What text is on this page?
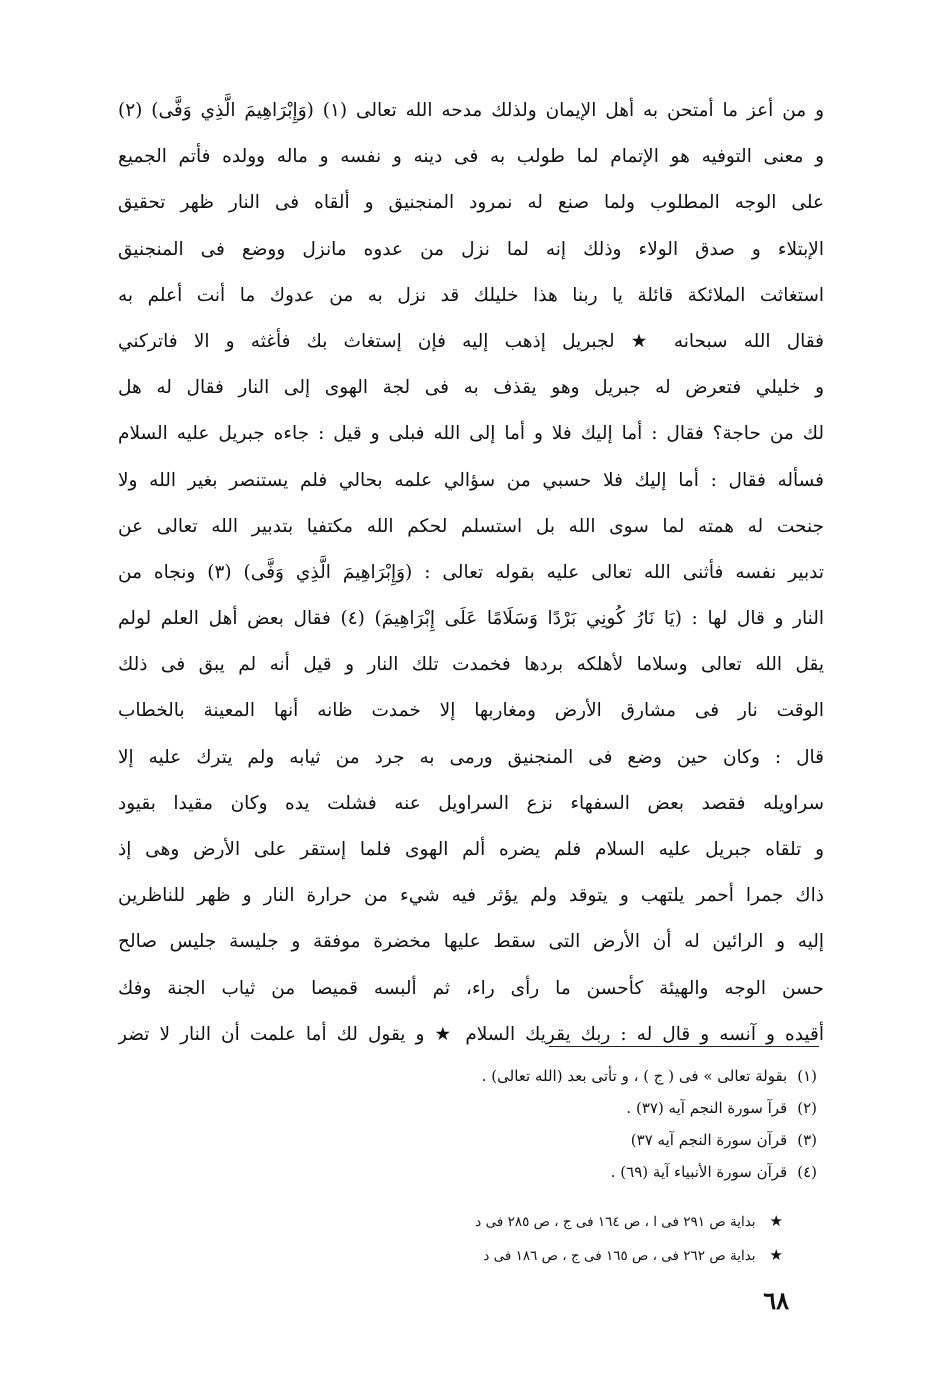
و من أعز ما أمتحن به أهل الإيمان ولذلك مدحه الله تعالى (١) (وَإِبْرَاهِيمَ الَّذِي وَفَّى) (٢)
و معنى التوفيه هو الإتمام لما طولب به فى دينه و نفسه و ماله وولده فأتم الجميع
على الوجه المطلوب ولما صنع له نمرود المنجنيق و ألقاه فى النار ظهر تحقيق
الإبتلاء و صدق الولاء وذلك إنه لما نزل من عدوه مانزل ووضع فى المنجنيق
استغاثت الملائكة قائلة يا ربنا هذا خليلك قد نزل به من عدوك ما أنت أعلم به
فقال الله سبحانه ★ لجبريل إذهب إليه فإن إستغاث بك فأغثه و الا فاتركني
و خليلي فتعرض له جبريل وهو يقذف به فى لجة الهوى إلى النار فقال له هل
لك من حاجة؟ فقال : أما إليك فلا و أما إلى الله فبلى و قيل : جاءه جبريل عليه السلام
فسأله فقال : أما إليك فلا حسبي من سؤالي علمه بحالي فلم يستنصر بغير الله ولا
جنحت له همته لما سوى الله بل استسلم لحكم الله مكتفيا بتدبير الله تعالى عن
تدبير نفسه فأثنى الله تعالى عليه بقوله تعالى : (وَإِبْرَاهِيمَ الَّذِي وَفَّى) (٣) ونجاه من
النار و قال لها : (يَا نَارُ كُونِي بَرْدًا وَسَلَامًا عَلَى إِبْرَاهِيمَ) (٤) فقال بعض أهل العلم لولم
يقل الله تعالى وسلاما لأهلكه بردها فخمدت تلك النار و قيل أنه لم يبق فى ذلك
الوقت نار فى مشارق الأرض ومغاربها إلا خمدت ظانه أنها المعينة بالخطاب
قال : وكان حين وضع فى المنجنيق ورمى به جرد من ثيابه ولم يترك عليه إلا
سراويله فقصد بعض السفهاء نزع السراويل عنه فشلت يده وكان مقيدا بقيود
و تلقاه جبريل عليه السلام فلم يضره ألم الهوى فلما إستقر على الأرض وهى إذ
ذاك جمرا أحمر يلتهب و يتوقد ولم يؤثر فيه شيء من حرارة النار و ظهر للناظرين
إليه و الرائين له أن الأرض التى سقط عليها مخضرة موفقة و جليسة جليس صالح
حسن الوجه والهيئة كأحسن ما رأى راء، ثم ألبسه قميصا من ثياب الجنة وفك
أقيده و آنسه و قال له : ربك يقريك السلام ★ و يقول لك أما علمت أن النار لا تضر
(١)بقولة تعالى » فى ( ج ) ، و تأتى بعد (الله تعالى) .
(٢)قرآ سورة النجم آيه (٣٧) .
(٣)قرآن سورة النجم آيه ٣٧)
(٤)قرآن سورة الأنبياء آية (٦٩) .
★بداية ص ٢٩١ فى ا ، ص ١٦٤ فى ج ، ص ٢٨٥ فى د
★بداية ص ٢٦٢ فى ، ص ١٦٥ فى ج ، ص ١٨٦ فى د
٦٨
